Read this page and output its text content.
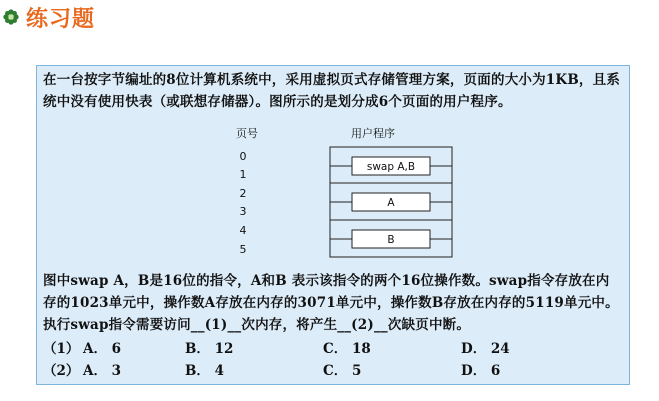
练习题
在一台按字节编址的8位计算机系统中，采用虚拟页式存储管理方案，页面的大小为1KB，且系统中没有使用快表（或联想存储器）。图所示的是划分成6个页面的用户程序。
页号	用户程序
0
1
2
3
4
5
swap A,B
A
B
图中swap A，B是16位的指令，A和B 表示该指令的两个16位操作数。swap指令存放在内存的1023单元中，操作数A存放在内存的3071单元中，操作数B存放在内存的5119单元中。执行swap指令需要访问__(1)__次内存，将产生__(2)__次缺页中断。
（1） A． 6	B． 12	C． 18	D． 24
（2） A． 3	B． 4	C． 5	D． 6
